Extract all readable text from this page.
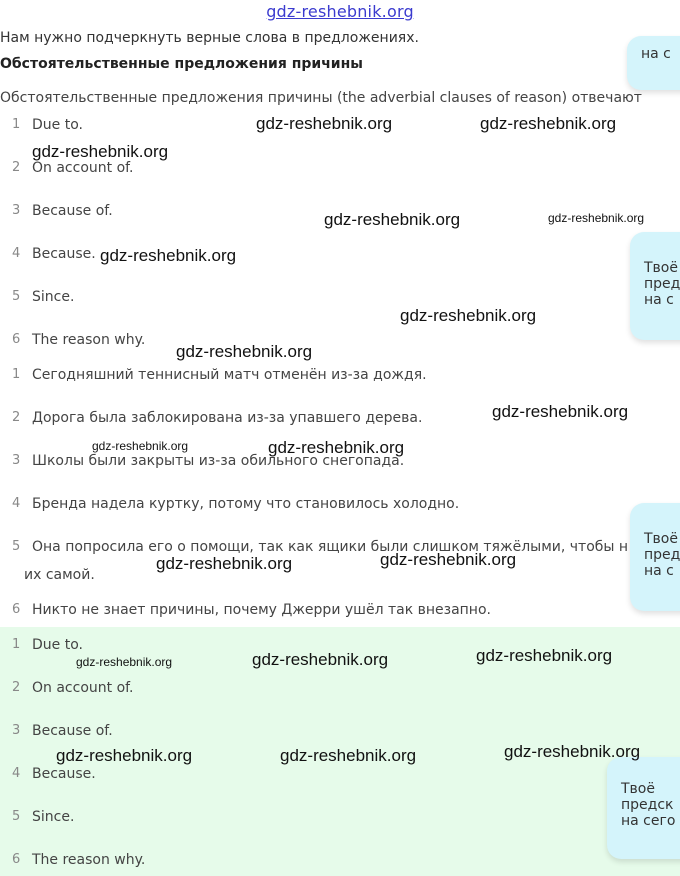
gdz-reshebnik.org
Нам нужно подчеркнуть верные слова в предложениях.
Обстоятельственные предложения причины
Обстоятельственные предложения причины (the adverbial clauses of reason) отвечают
1 Due to.
2 On account of.
3 Because of.
4 Because.
5 Since.
6 The reason why.
1 Сегодняшний теннисный матч отменён из-за дождя.
2 Дорога была заблокирована из-за упавшего дерева.
3 Школы были закрыты из-за обильного снегопада.
4 Бренда надела куртку, потому что становилось холодно.
5 Она попросила его о помощи, так как ящики были слишком тяжёлыми, чтобы н
их самой.
6 Никто не знает причины, почему Джерри ушёл так внезапно.
1 Due to.
2 On account of.
3 Because of.
4 Because.
5 Since.
6 The reason why.
на с
Твоё
пред
на с
Твоё
пред
на с
Твоё
предск
на сего
gdz-reshebnik.org	gdz-reshebnik.org
gdz-reshebnik.org
gdz-reshebnik.org	gdz-reshebnik.org
gdz-reshebnik.org
gdz-reshebnik.org
gdz-reshebnik.org
gdz-reshebnik.org
gdz-reshebnik.org	gdz-reshebnik.org
gdz-reshebnik.org	gdz-reshebnik.org
gdz-reshebnik.org	gdz-reshebnik.org	gdz-reshebnik.org
gdz-reshebnik.org	gdz-reshebnik.org	gdz-reshebnik.org
